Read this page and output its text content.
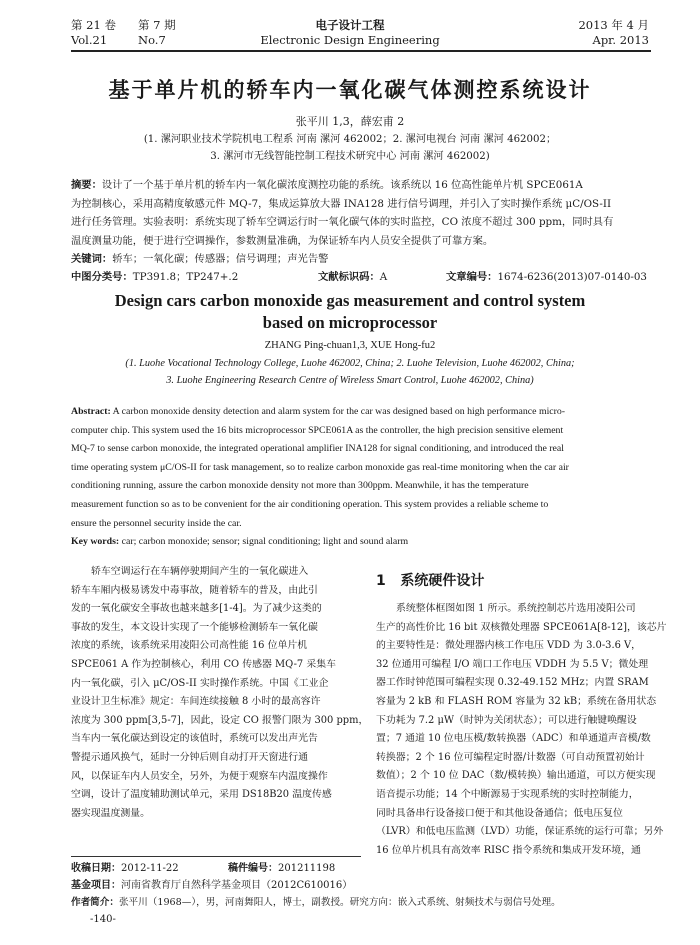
第 21 卷 第 7 期
Vol.21	No.7
电子设计工程
Electronic Design Engineering
2013 年 4 月
Apr. 2013
基于单片机的轿车内一氧化碳气体测控系统设计
张平川 1,3，薛宏甫 2
(1. 漯河职业技术学院机电工程系 河南 漯河 462002；2. 漯河电视台 河南 漯河 462002；
3. 漯河市无线智能控制工程技术研究中心 河南 漯河 462002)
摘要：设计了一个基于单片机的轿车内一氧化碳浓度测控功能的系统。该系统以 16 位高性能单片机 SPCE061A
为控制核心，采用高精度敏感元件 MQ-7，集成运算放大器 INA128 进行信号调理，并引入了实时操作系统 μC/OS-II
进行任务管理。实验表明：系统实现了轿车空调运行时一氧化碳气体的实时监控，CO 浓度不超过 300 ppm，同时具有
温度测量功能，便于进行空调操作，参数测量准确，为保证轿车内人员安全提供了可靠方案。
关键词：轿车；一氧化碳；传感器；信号调理；声光告警
中图分类号：TP391.8；TP247+.2	文献标识码：A	文章编号：1674-6236(2013)07-0140-03
Design cars carbon monoxide gas measurement and control system
based on microprocessor
ZHANG Ping-chuan1,3, XUE Hong-fu2
(1. Luohe Vocational Technology College, Luohe 462002, China; 2. Luohe Television, Luohe 462002, China;
3. Luohe Engineering Research Centre of Wireless Smart Control, Luohe 462002, China)
Abstract: A carbon monoxide density detection and alarm system for the car was designed based on high performance micro-
computer chip. This system used the 16 bits microprocessor SPCE061A as the controller, the high precision sensitive element
MQ-7 to sense carbon monoxide, the integrated operational amplifier INA128 for signal conditioning, and introduced the real
time operating system μC/OS-II for task management, so to realize carbon monoxide gas real-time monitoring when the car air
conditioning running, assure the carbon monoxide density not more than 300ppm. Meanwhile, it has the temperature
measurement function so as to be convenient for the air conditioning operation. This system provides a reliable scheme to
ensure the personnel security inside the car.
Key words: car; carbon monoxide; sensor; signal conditioning; light and sound alarm
轿车空调运行在车辆停驶期间产生的一氧化碳进入
轿车车厢内极易诱发中毒事故，随着轿车的普及，由此引
发的一氧化碳安全事故也越来越多[1-4]。为了减少这类的
事故的发生，本文设计实现了一个能够检测轿车一氧化碳
浓度的系统，该系统采用凌阳公司高性能 16 位单片机
SPCE061 A 作为控制核心，利用 CO 传感器 MQ-7 采集车
内一氧化碳，引入 μC/OS-II 实时操作系统。中国《工业企
业设计卫生标准》规定：车间连续接触 8 小时的最高容许
浓度为 300 ppm[3,5-7]，因此，设定 CO 报警门限为 300 ppm，
当车内一氧化碳达到设定的该值时，系统可以发出声光告
警提示通风换气，延时一分钟后则自动打开天窗进行通
风，以保证车内人员安全，另外，为便于观察车内温度操作
空调，设计了温度辅助测试单元，采用 DS18B20 温度传感
器实现温度测量。
1 系统硬件设计
系统整体框图如图 1 所示。系统控制芯片选用凌阳公司
生产的高性价比 16 bit 双核微处理器 SPCE061A[8-12]，该芯片
的主要特性是：微处理器内核工作电压 VDD 为 3.0-3.6 V，
32 位通用可编程 I/O 端口工作电压 VDDH 为 5.5 V；微处理
器工作时钟范围可编程实现 0.32-49.152 MHz；内置 SRAM
容量为 2 kB 和 FLASH ROM 容量为 32 kB；系统在备用状态
下功耗为 7.2 μW（时钟为关闭状态）；可以进行触键唤醒设
置；7 通道 10 位电压模/数转换器（ADC）和单通道声音模/数
转换器；2 个 16 位可编程定时器/计数器（可自动预置初始计
数值）；2 个 10 位 DAC（数/模转换）输出通道，可以方便实现
语音提示功能；14 个中断源易于实现系统的实时控制能力，
同时具备串行设备接口便于和其他设备通信；低电压复位
（LVR）和低电压监测（LVD）功能，保证系统的运行可靠；另外
16 位单片机具有高效率 RISC 指令系统和集成开发环境，通
收稿日期：2012-11-22	稿件编号：201211198
基金项目：河南省教育厅自然科学基金项目（2012C610016）
作者简介：张平川（1968—），男，河南舞阳人，博士，副教授。研究方向：嵌入式系统、射频技术与弱信号处理。
-140-
